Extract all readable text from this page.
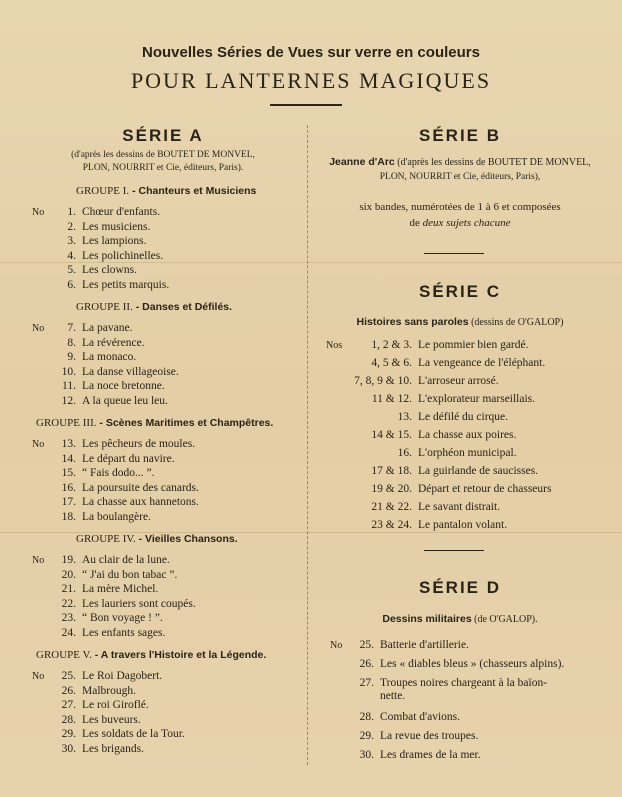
Nouvelles Séries de Vues sur verre en couleurs
POUR LANTERNES MAGIQUES
SÉRIE A
(d'après les dessins de BOUTET DE MONVEL,
PLON, NOURRIT et Cie, éditeurs, Paris).
GROUPE I. - Chanteurs et Musiciens
No 1. Chœur d'enfants.
2. Les musiciens.
3. Les lampions.
4. Les polichinelles.
5. Les clowns.
6. Les petits marquis.
GROUPE II. - Danses et Défilés.
No 7. La pavane.
8. La révérence.
9. La monaco.
10. La danse villageoise.
11. La noce bretonne.
12. A la queue leu leu.
GROUPE III. - Scènes Maritimes et Champêtres.
No 13. Les pêcheurs de moules.
14. Le départ du navire.
15. “ Fais dodo... ”.
16. La poursuite des canards.
17. La chasse aux hannetons.
18. La boulangère.
GROUPE IV. - Vieilles Chansons.
No 19. Au clair de la lune.
20. “ J'ai du bon tabac ”.
21. La mère Michel.
22. Les lauriers sont coupés.
23. “ Bon voyage ! ”.
24. Les enfants sages.
GROUPE V. - A travers l'Histoire et la Légende.
No 25. Le Roi Dagobert.
26. Malbrough.
27. Le roi Giroflé.
28. Les buveurs.
29. Les soldats de la Tour.
30. Les brigands.
SÉRIE B
Jeanne d'Arc (d'après les dessins de BOUTET DE MONVEL,
PLON, NOURRIT et Cie, éditeurs, Paris),
six bandes, numérotées de 1 à 6 et composées
de deux sujets chacune
SÉRIE C
Histoires sans paroles (dessins de O'GALOP)
Nos	1, 2 & 3. Le pommier bien gardé.
4, 5 & 6. La vengeance de l'éléphant.
7, 8, 9 & 10. L'arroseur arrosé.
11 & 12. L'explorateur marseillais.
13. Le défilé du cirque.
14 & 15. La chasse aux poires.
16. L'orphéon municipal.
17 & 18. La guirlande de saucisses.
19 & 20. Départ et retour de chasseurs
21 & 22. Le savant distrait.
23 & 24. Le pantalon volant.
SÉRIE D
Dessins militaires (de O'GALOP).
No 25. Batterie d'artillerie.
26. Les « diables bleus » (chasseurs alpins).
27. Troupes noires chargeant à la baïon-
nette.
28. Combat d'avions.
29. La revue des troupes.
30. Les drames de la mer.
